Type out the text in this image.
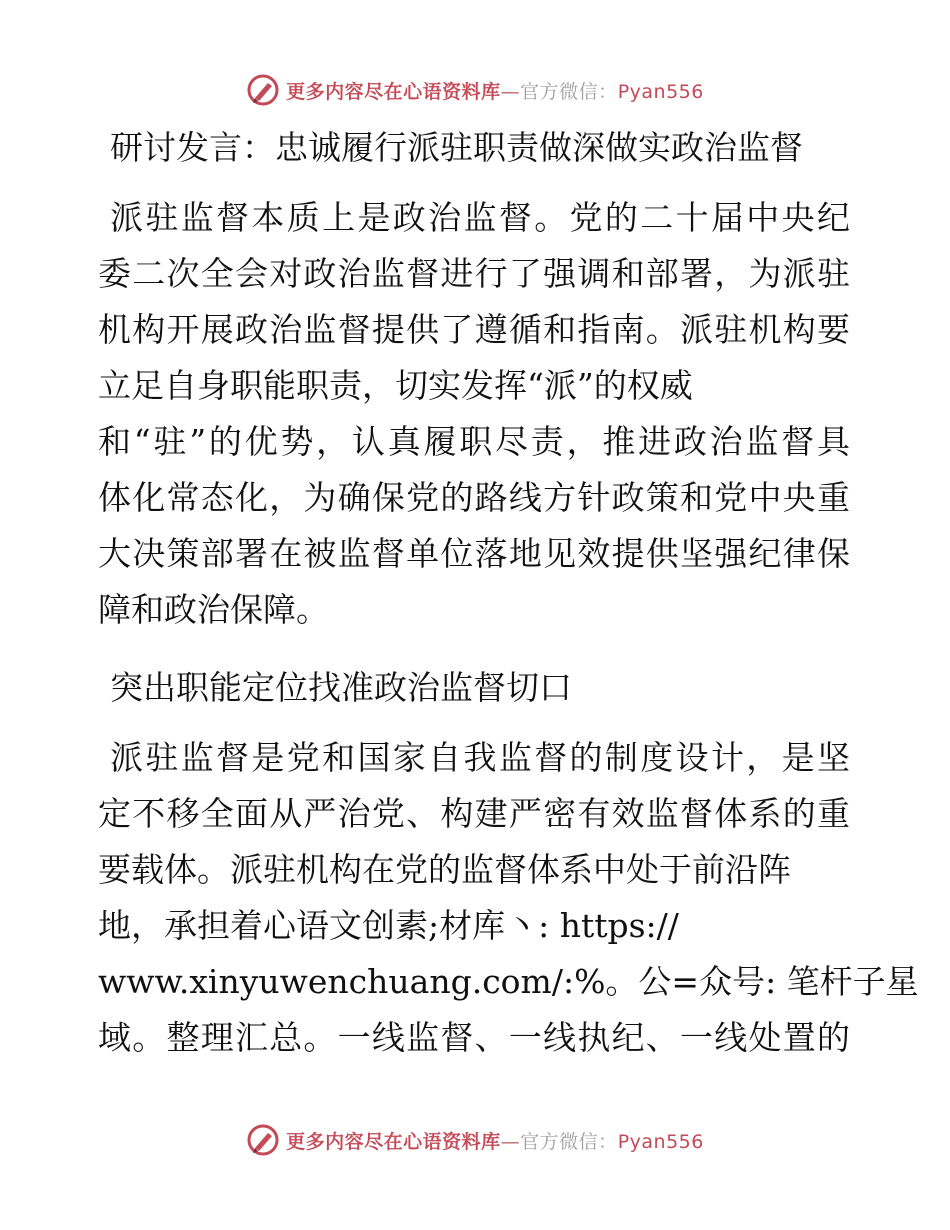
更多内容尽在心语资料库—官方微信：Pyan556

研讨发言：忠诚履行派驻职责做深做实政治监督

派驻监督本质上是政治监督。党的二十届中央纪

委二次全会对政治监督进行了强调和部署，为派驻

机构开展政治监督提供了遵循和指南。派驻机构要

立足自身职能职责，切实发挥“派”的权威

和“驻”的优势，认真履职尽责，推进政治监督具

体化常态化，为确保党的路线方针政策和党中央重

大决策部署在被监督单位落地见效提供坚强纪律保

障和政治保障。

突出职能定位找准政治监督切口

派驻监督是党和国家自我监督的制度设计，是坚

定不移全面从严治党、构建严密有效监督体系的重

要载体。派驻机构在党的监督体系中处于前沿阵

地，承担着心语文创素;材库丶: https://

www.xinyuwenchuang.com/:%。公=众号: 笔杆子星

域。整理汇总。一线监督、一线执纪、一线处置的

更多内容尽在心语资料库—官方微信：Pyan556
